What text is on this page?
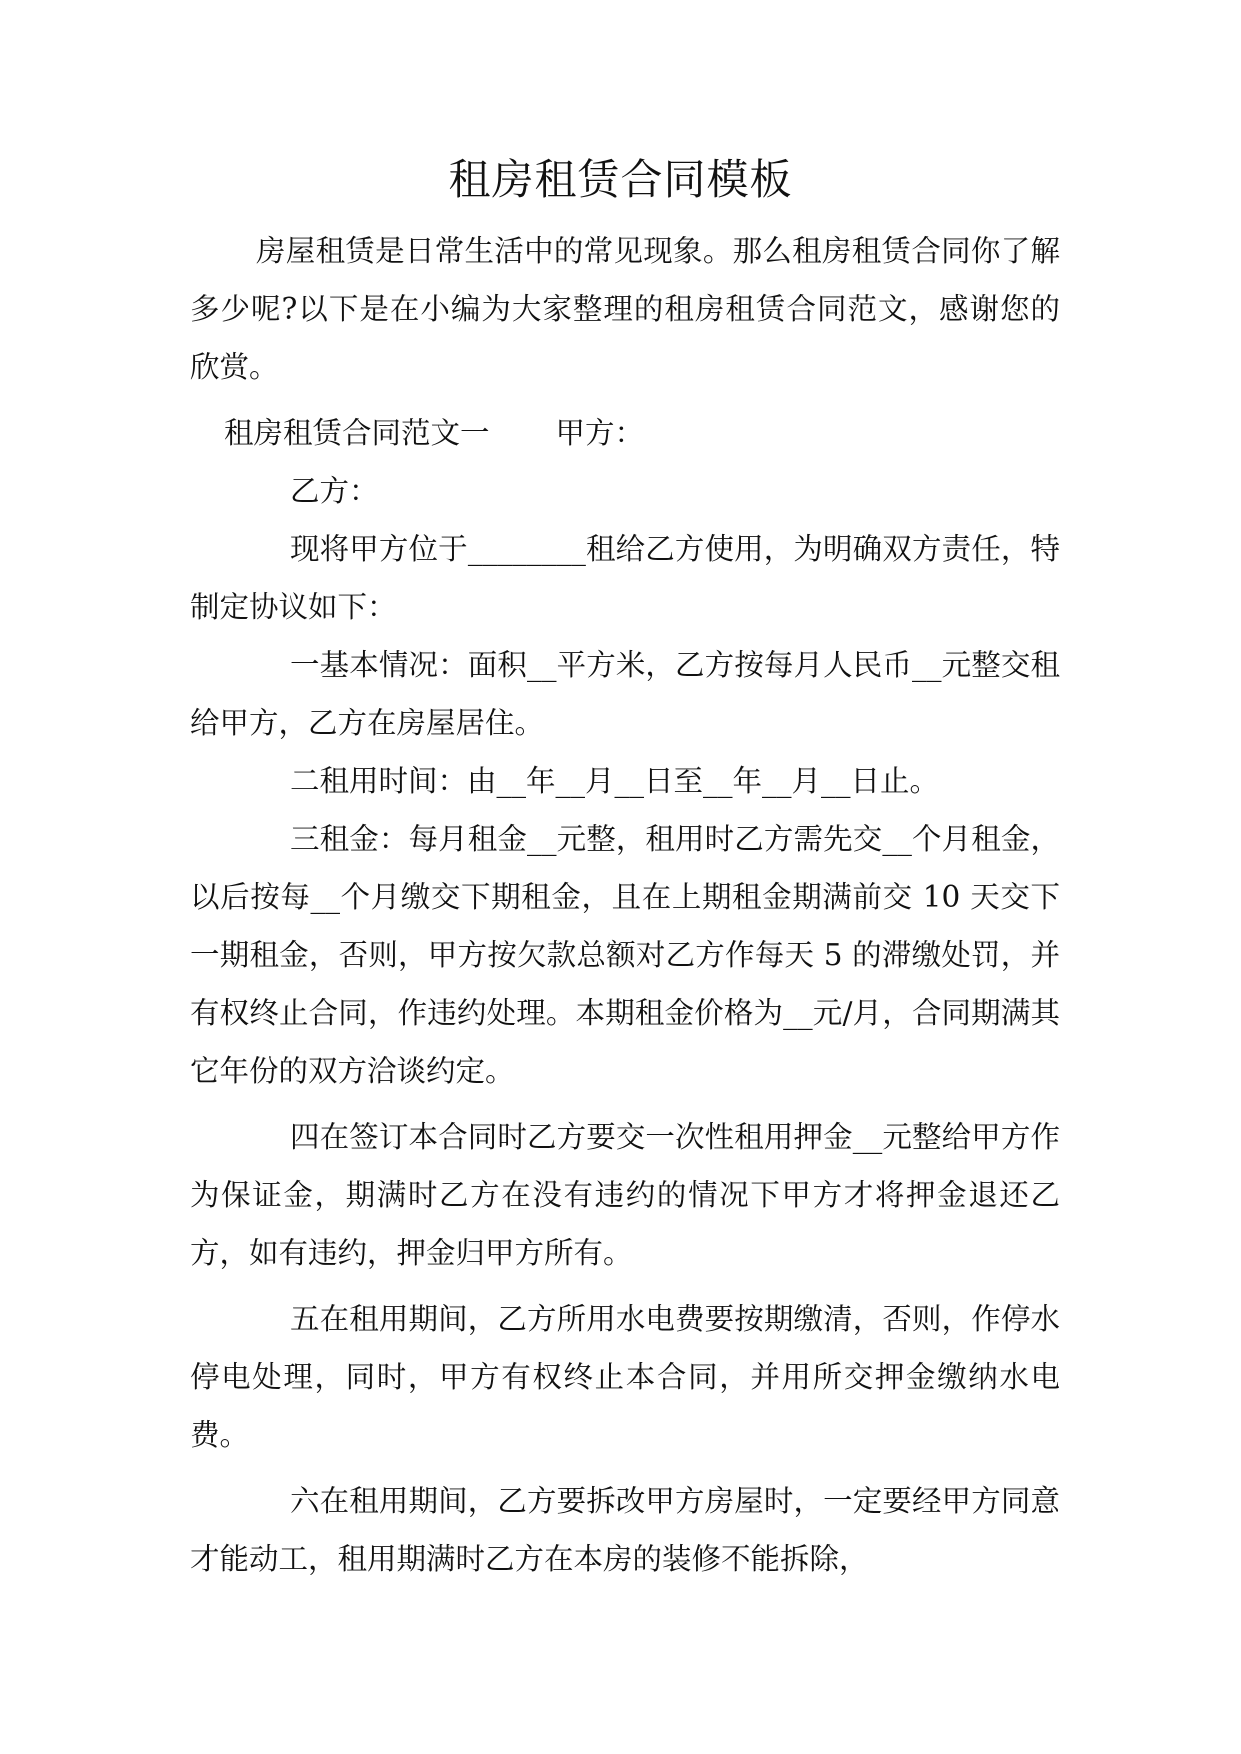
租房租赁合同模板

房屋租赁是日常生活中的常见现象。那么租房租赁合同你了解多少呢?以下是在小编为大家整理的租房租赁合同范文，感谢您的欣赏。

租房租赁合同范文一 甲方：

乙方：

现将甲方位于________租给乙方使用，为明确双方责任，特制定协议如下：

一基本情况：面积__平方米，乙方按每月人民币__元整交租给甲方，乙方在房屋居住。

二租用时间：由__年__月__日至__年__月__日止。

三租金：每月租金__元整，租用时乙方需先交__个月租金，以后按每__个月缴交下期租金，且在上期租金期满前交 10 天交下一期租金，否则，甲方按欠款总额对乙方作每天 5 的滞缴处罚，并有权终止合同，作违约处理。本期租金价格为__元/月，合同期满其它年份的双方洽谈约定。

四在签订本合同时乙方要交一次性租用押金__元整给甲方作为保证金，期满时乙方在没有违约的情况下甲方才将押金退还乙方，如有违约，押金归甲方所有。

五在租用期间，乙方所用水电费要按期缴清，否则，作停水停电处理，同时，甲方有权终止本合同，并用所交押金缴纳水电费。

六在租用期间，乙方要拆改甲方房屋时，一定要经甲方同意才能动工，租用期满时乙方在本房的装修不能拆除，
